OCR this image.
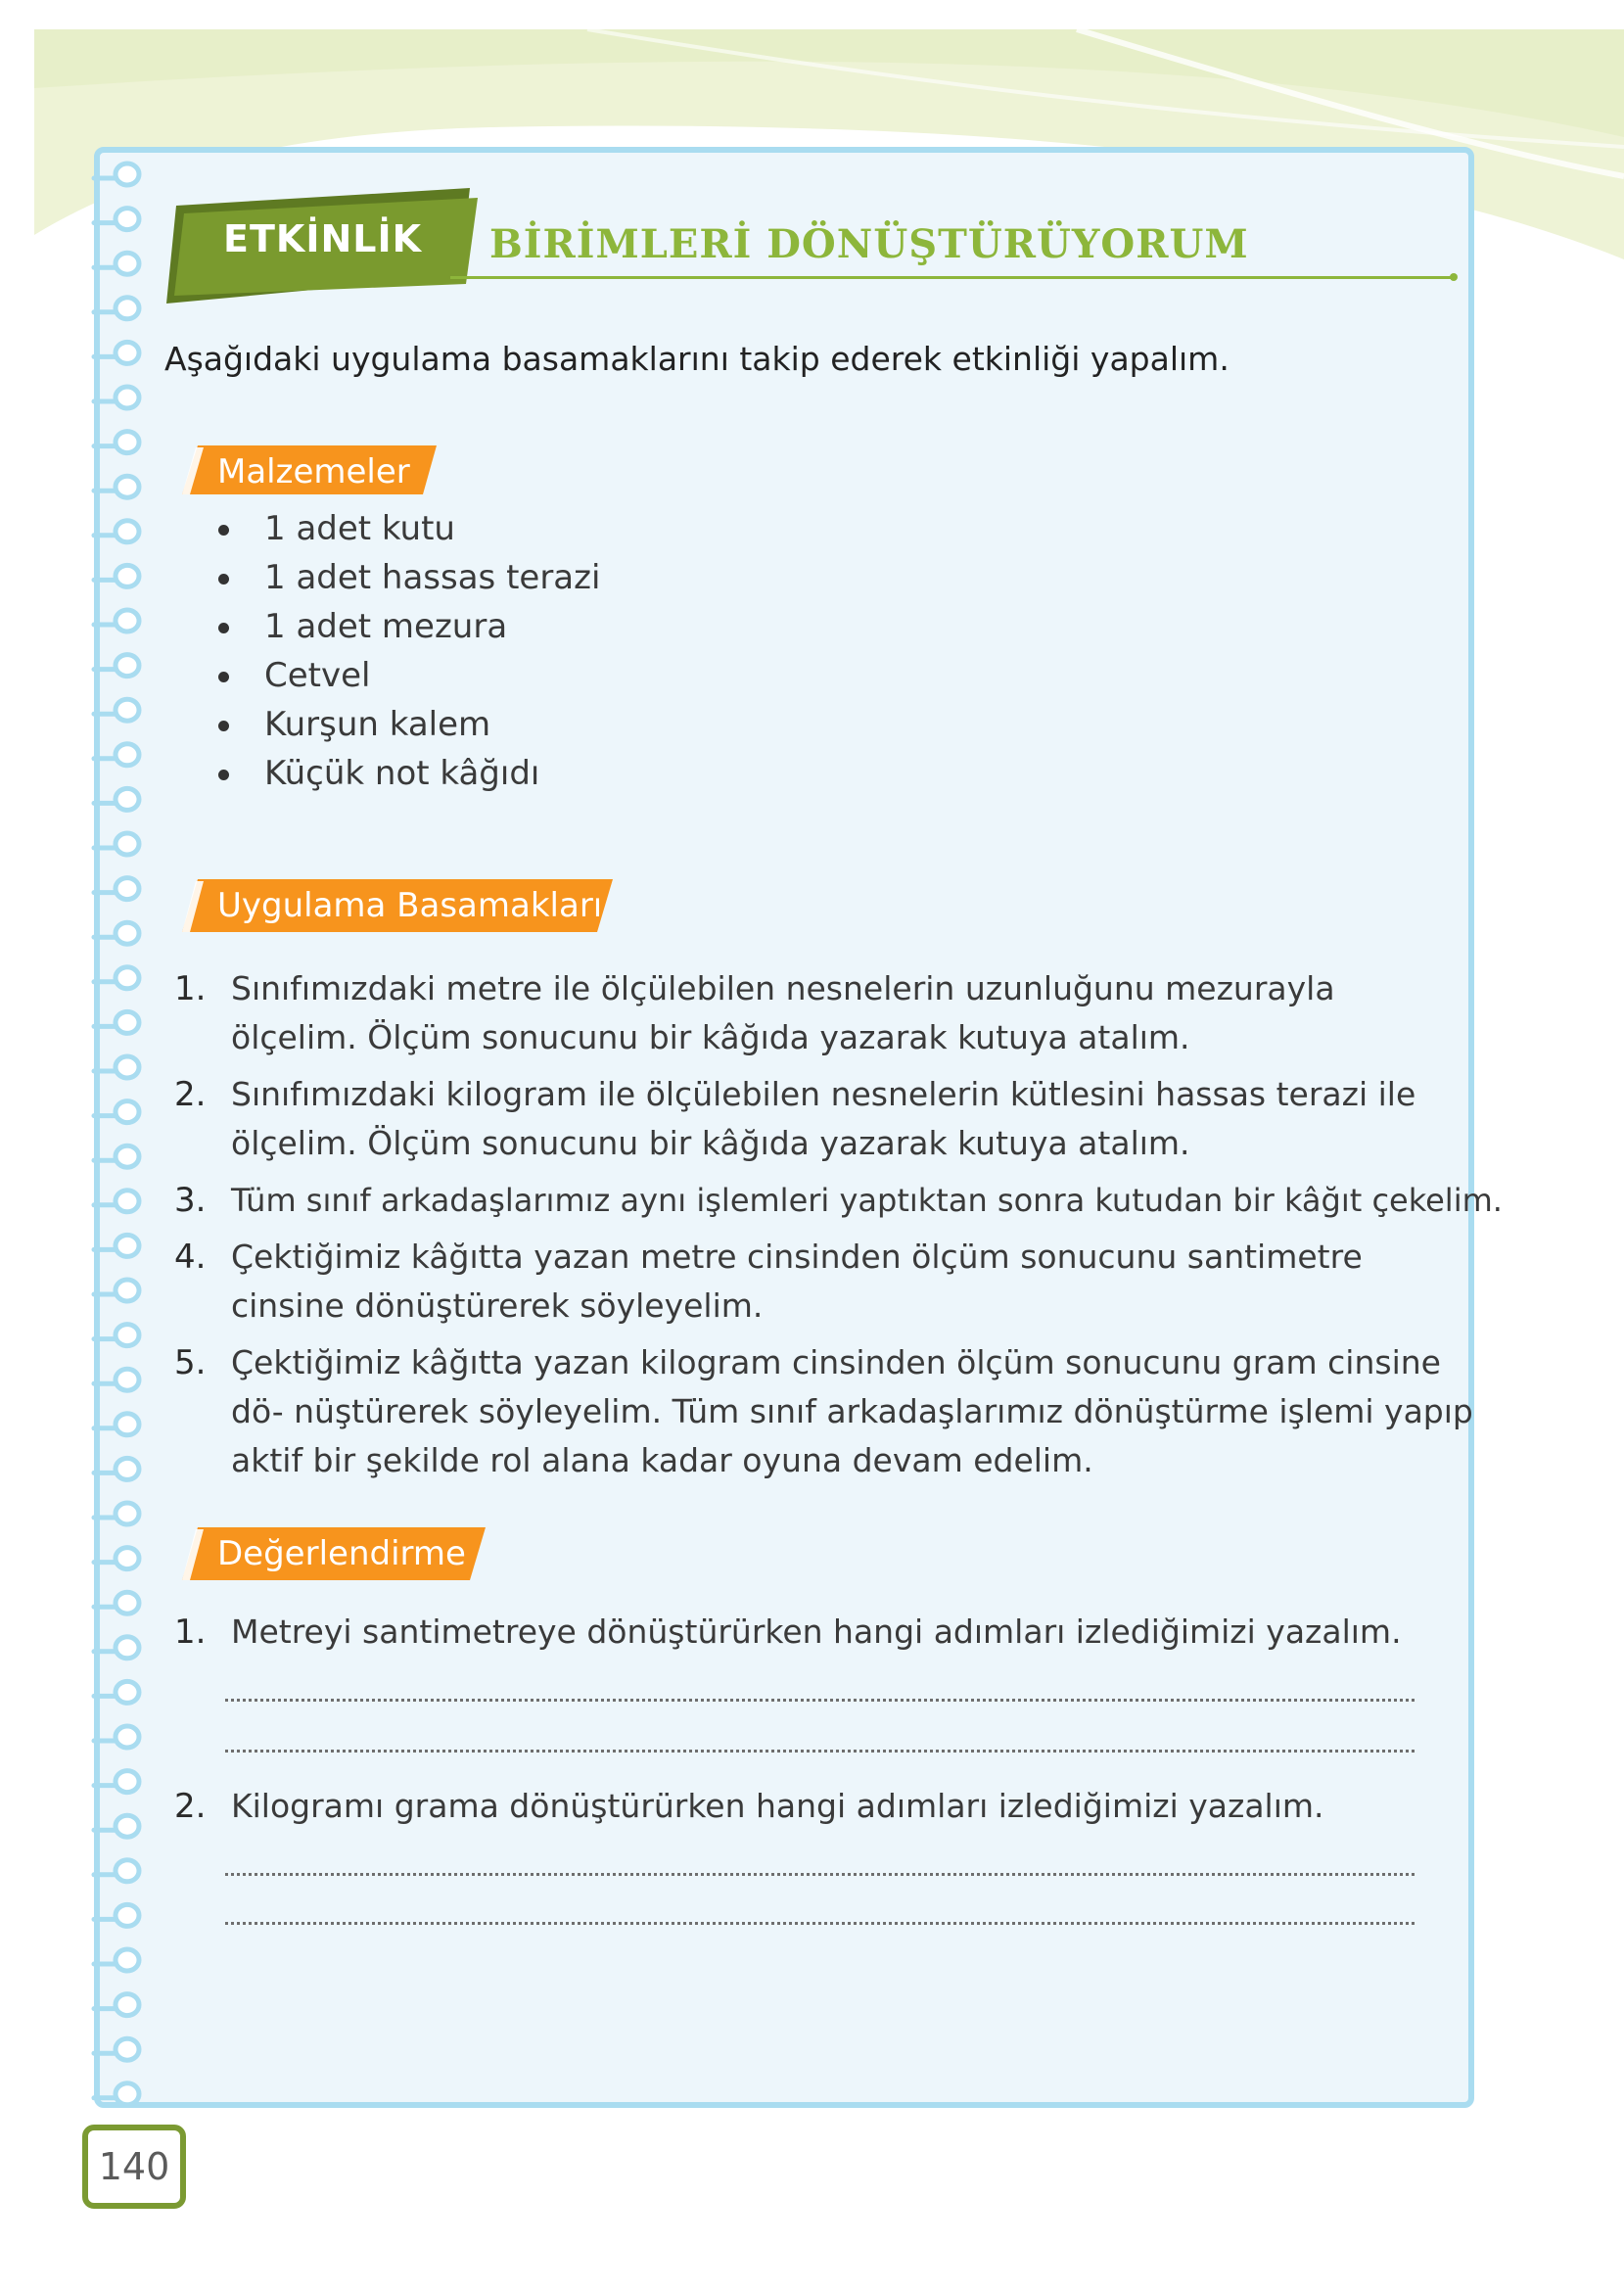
ETKİNLİK	BİRİMLERİ DÖNÜŞTÜRÜYORUM
Aşağıdaki uygulama basamaklarını takip ederek etkinliği yapalım.
Malzemeler
1 adet kutu
1 adet hassas terazi
1 adet mezura
Cetvel
Kurşun kalem
Küçük not kâğıdı
Uygulama Basamakları
1. Sınıfımızdaki metre ile ölçülebilen nesnelerin uzunluğunu mezurayla ölçelim. Ölçüm sonucunu bir kâğıda yazarak kutuya atalım.
2. Sınıfımızdaki kilogram ile ölçülebilen nesnelerin kütlesini hassas terazi ile ölçelim. Ölçüm sonucunu bir kâğıda yazarak kutuya atalım.
3. Tüm sınıf arkadaşlarımız aynı işlemleri yaptıktan sonra kutudan bir kâğıt çekelim.
4. Çektiğimiz kâğıtta yazan metre cinsinden ölçüm sonucunu santimetre cinsine dönüştürerek söyleyelim.
5. Çektiğimiz kâğıtta yazan kilogram cinsinden ölçüm sonucunu gram cinsine dö- nüştürerek söyleyelim. Tüm sınıf arkadaşlarımız dönüştürme işlemi yapıp aktif bir şekilde rol alana kadar oyuna devam edelim.
Değerlendirme
1. Metreyi santimetreye dönüştürürken hangi adımları izlediğimizi yazalım.
2. Kilogramı grama dönüştürürken hangi adımları izlediğimizi yazalım.
140
